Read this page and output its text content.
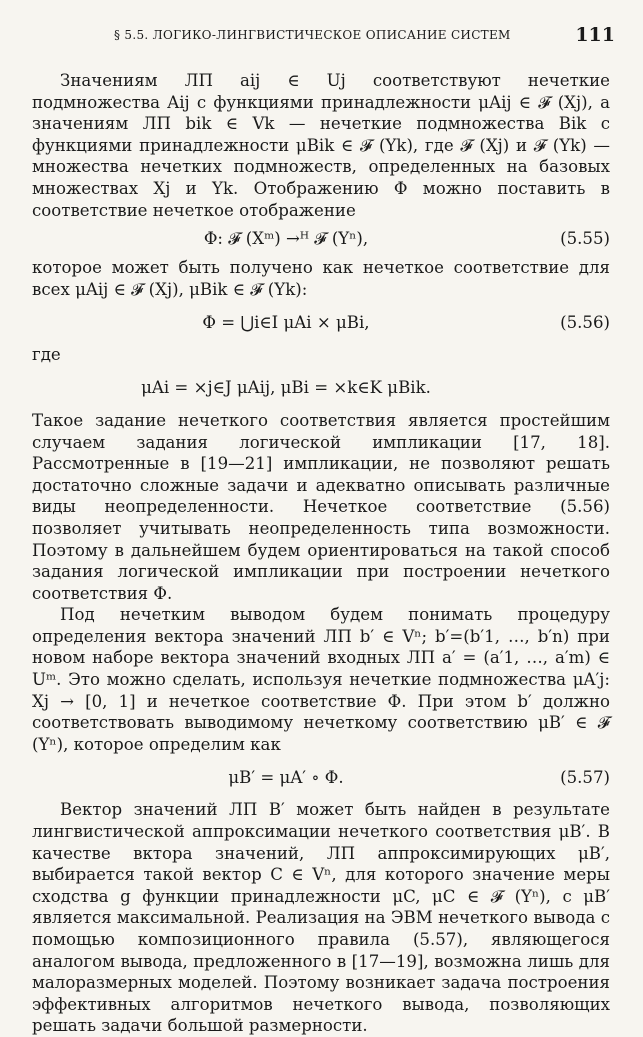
§ 5.5. ЛОГИКО-ЛИНГВИСТИЧЕСКОЕ ОПИСАНИЕ СИСТЕМ	111

Значениям ЛП aij ∈ Uj соответствуют нечеткие подмножества Aij с функциями принадлежности μAij ∈ 𝓕 (Xj), а значениям ЛП bik ∈ Vk — нечеткие подмножества Bik с функциями принадлежности μBik ∈ 𝓕 (Yk), где 𝓕 (Xj) и 𝓕 (Yk) — множества нечетких подмножеств, определенных на базовых множествах Xj и Yk. Отображению Φ можно поставить в соответствие нечеткое отображение

Φ: 𝓕 (Xᵐ) →ᴴ 𝓕 (Yⁿ),	(5.55)

которое может быть получено как нечеткое соответствие для всех μAij ∈ 𝓕 (Xj), μBik ∈ 𝓕 (Yk):

Φ = ⋃i∈I μAi × μBi,	(5.56)

где

μAi = ×j∈J μAij, μBi = ×k∈K μBik.

Такое задание нечеткого соответствия является простейшим случаем задания логической импликации [17, 18]. Рассмотренные в [19—21] импликации, не позволяют решать достаточно сложные задачи и адекватно описывать различные виды неопределенности. Нечеткое соответствие (5.56) позволяет учитывать неопределенность типа возможности. Поэтому в дальнейшем будем ориентироваться на такой способ задания логической импликации при построении нечеткого соответствия Φ.

Под нечетким выводом будем понимать процедуру определения вектора значений ЛП b′ ∈ Vⁿ; b′=(b′1, …, b′n) при новом наборе вектора значений входных ЛП a′ = (a′1, …, a′m) ∈ Uᵐ. Это можно сделать, используя нечеткие подмножества μA′j: Xj → [0, 1] и нечеткое соответствие Φ. При этом b′ должно соответствовать выводимому нечеткому соответствию μB′ ∈ 𝓕 (Yⁿ), которое определим как

μB′ = μA′ ∘ Φ.	(5.57)

Вектор значений ЛП B′ может быть найден в результате лингвистической аппроксимации нечеткого соответствия μB′. В качестве вктора значений, ЛП аппроксимирующих μB′, выбирается такой вектор C ∈ Vⁿ, для которого значение меры сходства g функции принадлежности μC, μC ∈ 𝓕 (Yⁿ), с μB′ является максимальной. Реализация на ЭВМ нечеткого вывода с помощью композиционного правила (5.57), являющегося аналогом вывода, предложенного в [17—19], возможна лишь для малоразмерных моделей. Поэтому возникает задача построения эффективных алгоритмов нечеткого вывода, позволяющих решать задачи большой размерности.
